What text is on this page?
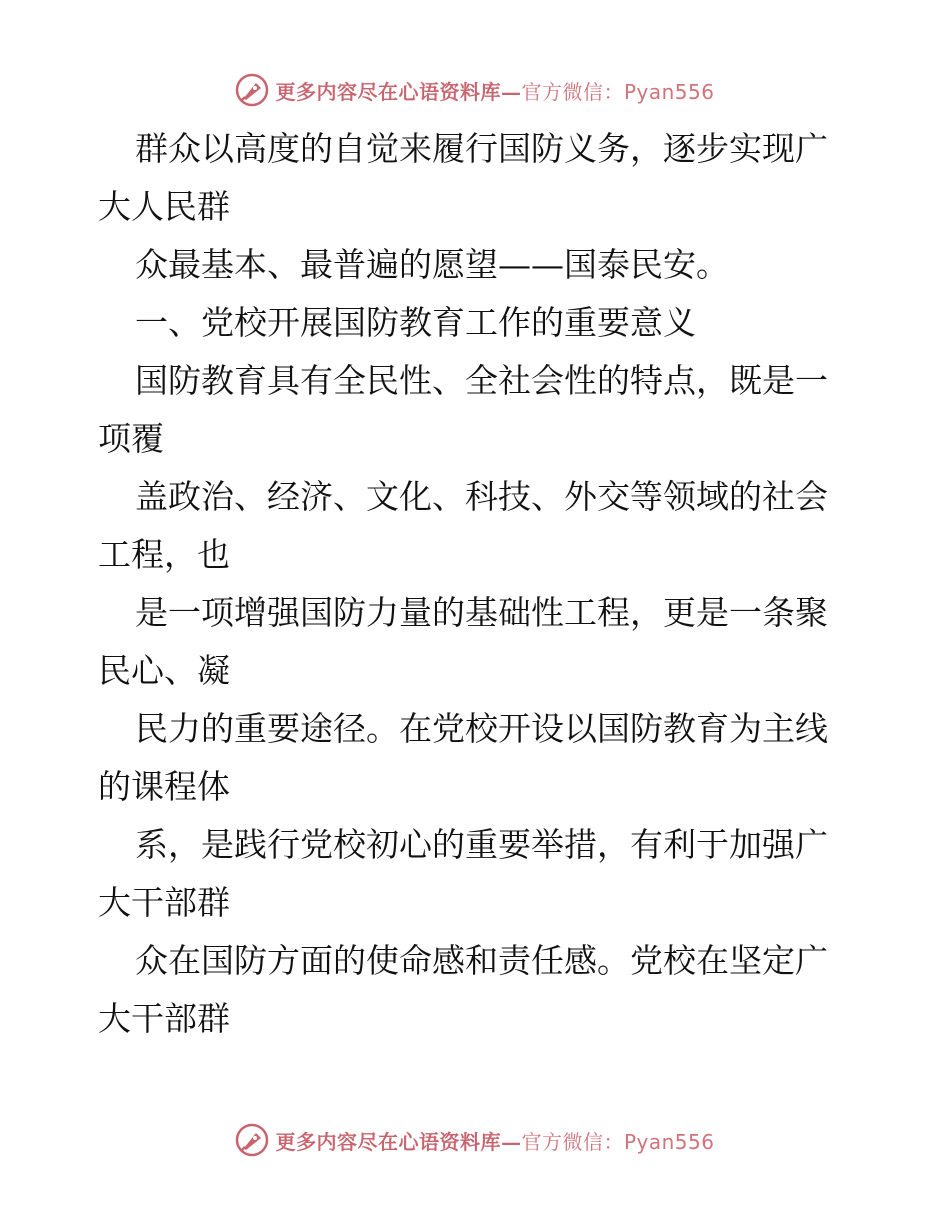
更多内容尽在心语资料库—官方微信：Pyan556
群众以高度的自觉来履行国防义务，逐步实现广
大人民群
众最基本、最普遍的愿望——国泰民安。
一、党校开展国防教育工作的重要意义
国防教育具有全民性、全社会性的特点，既是一
项覆
盖政治、经济、文化、科技、外交等领域的社会
工程，也
是一项增强国防力量的基础性工程，更是一条聚
民心、凝
民力的重要途径。在党校开设以国防教育为主线
的课程体
系，是践行党校初心的重要举措，有利于加强广
大干部群
众在国防方面的使命感和责任感。党校在坚定广
大干部群
更多内容尽在心语资料库—官方微信：Pyan556
